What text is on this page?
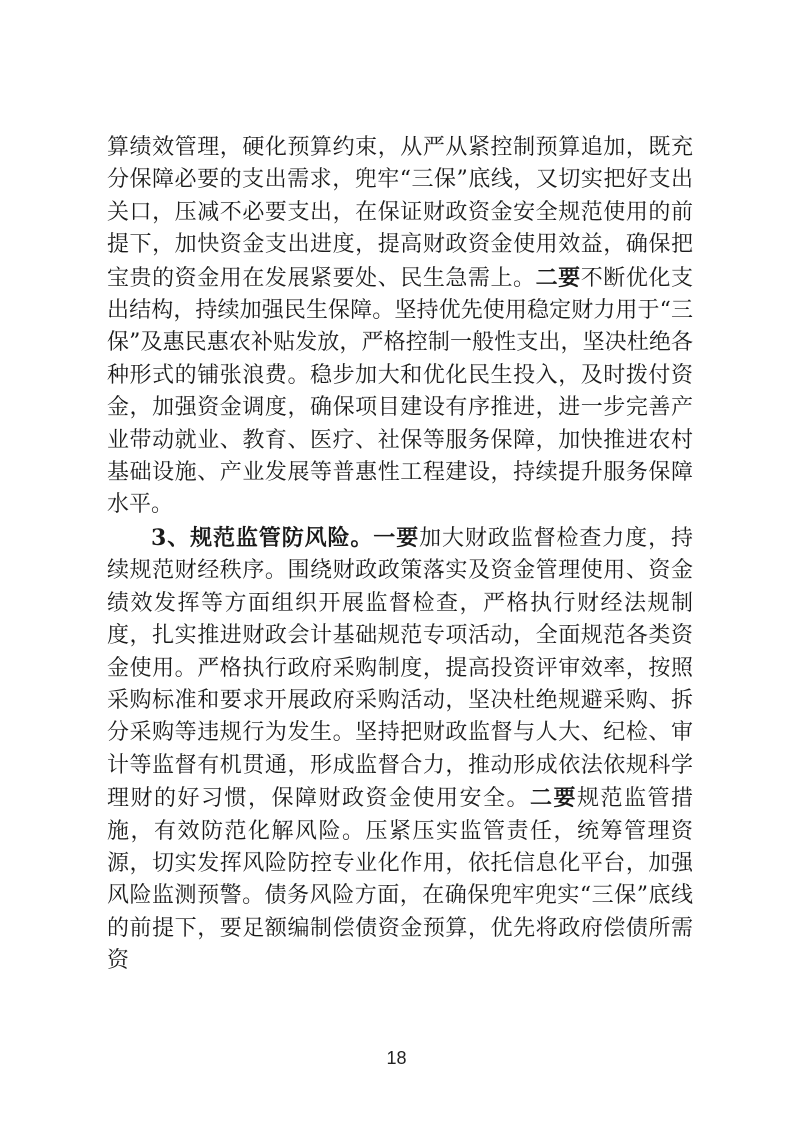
算绩效管理，硬化预算约束，从严从紧控制预算追加，既充分保障必要的支出需求，兜牢“三保”底线，又切实把好支出关口，压减不必要支出，在保证财政资金安全规范使用的前提下，加快资金支出进度，提高财政资金使用效益，确保把宝贵的资金用在发展紧要处、民生急需上。二要不断优化支出结构，持续加强民生保障。坚持优先使用稳定财力用于“三保”及惠民惠农补贴发放，严格控制一般性支出，坚决杜绝各种形式的铺张浪费。稳步加大和优化民生投入，及时拨付资金，加强资金调度，确保项目建设有序推进，进一步完善产业带动就业、教育、医疗、社保等服务保障，加快推进农村基础设施、产业发展等普惠性工程建设，持续提升服务保障水平。

3、规范监管防风险。一要加大财政监督检查力度，持续规范财经秩序。围绕财政政策落实及资金管理使用、资金绩效发挥等方面组织开展监督检查，严格执行财经法规制度，扎实推进财政会计基础规范专项活动，全面规范各类资金使用。严格执行政府采购制度，提高投资评审效率，按照采购标准和要求开展政府采购活动，坚决杜绝规避采购、拆分采购等违规行为发生。坚持把财政监督与人大、纪检、审计等监督有机贯通，形成监督合力，推动形成依法依规科学理财的好习惯，保障财政资金使用安全。二要规范监管措施，有效防范化解风险。压紧压实监管责任，统筹管理资源，切实发挥风险防控专业化作用，依托信息化平台，加强风险监测预警。债务风险方面，在确保兜牢兜实“三保”底线的前提下，要足额编制偿债资金预算，优先将政府偿债所需资

18
